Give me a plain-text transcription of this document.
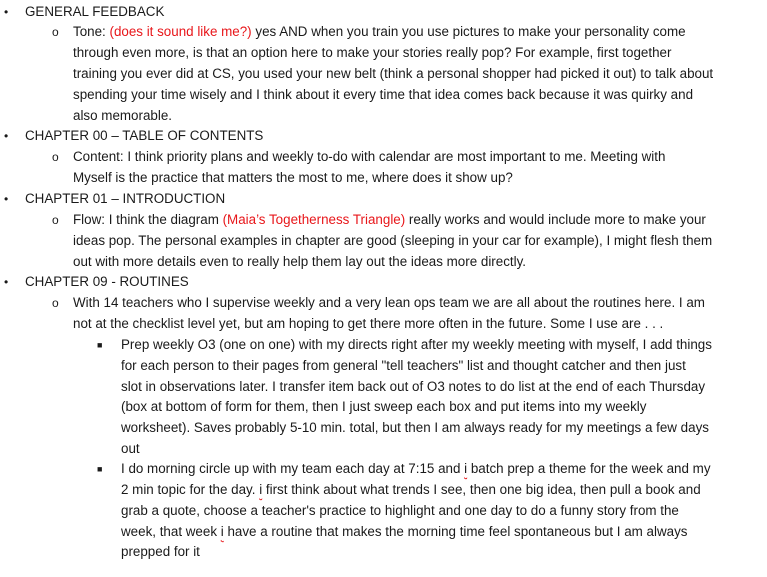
• GENERAL FEEDBACK
o Tone: (does it sound like me?) yes AND when you train you use pictures to make your personality come
through even more, is that an option here to make your stories really pop? For example, first together
training you ever did at CS, you used your new belt (think a personal shopper had picked it out) to talk about
spending your time wisely and I think about it every time that idea comes back because it was quirky and
also memorable.
• CHAPTER 00 – TABLE OF CONTENTS
o Content: I think priority plans and weekly to-do with calendar are most important to me. Meeting with
Myself is the practice that matters the most to me, where does it show up?
• CHAPTER 01 – INTRODUCTION
o Flow: I think the diagram (Maia’s Togetherness Triangle) really works and would include more to make your
ideas pop. The personal examples in chapter are good (sleeping in your car for example), I might flesh them
out with more details even to really help them lay out the ideas more directly.
• CHAPTER 09 - ROUTINES
o With 14 teachers who I supervise weekly and a very lean ops team we are all about the routines here. I am
not at the checklist level yet, but am hoping to get there more often in the future. Some I use are . . .
■ Prep weekly O3 (one on one) with my directs right after my weekly meeting with myself, I add things
for each person to their pages from general "tell teachers" list and thought catcher and then just
slot in observations later. I transfer item back out of O3 notes to do list at the end of each Thursday
(box at bottom of form for them, then I just sweep each box and put items into my weekly
worksheet). Saves probably 5-10 min. total, but then I am always ready for my meetings a few days
out
■ I do morning circle up with my team each day at 7:15 and i batch prep a theme for the week and my
2 min topic for the day. i first think about what trends I see, then one big idea, then pull a book and
grab a quote, choose a teacher's practice to highlight and one day to do a funny story from the
week, that week i have a routine that makes the morning time feel spontaneous but I am always
prepped for it
